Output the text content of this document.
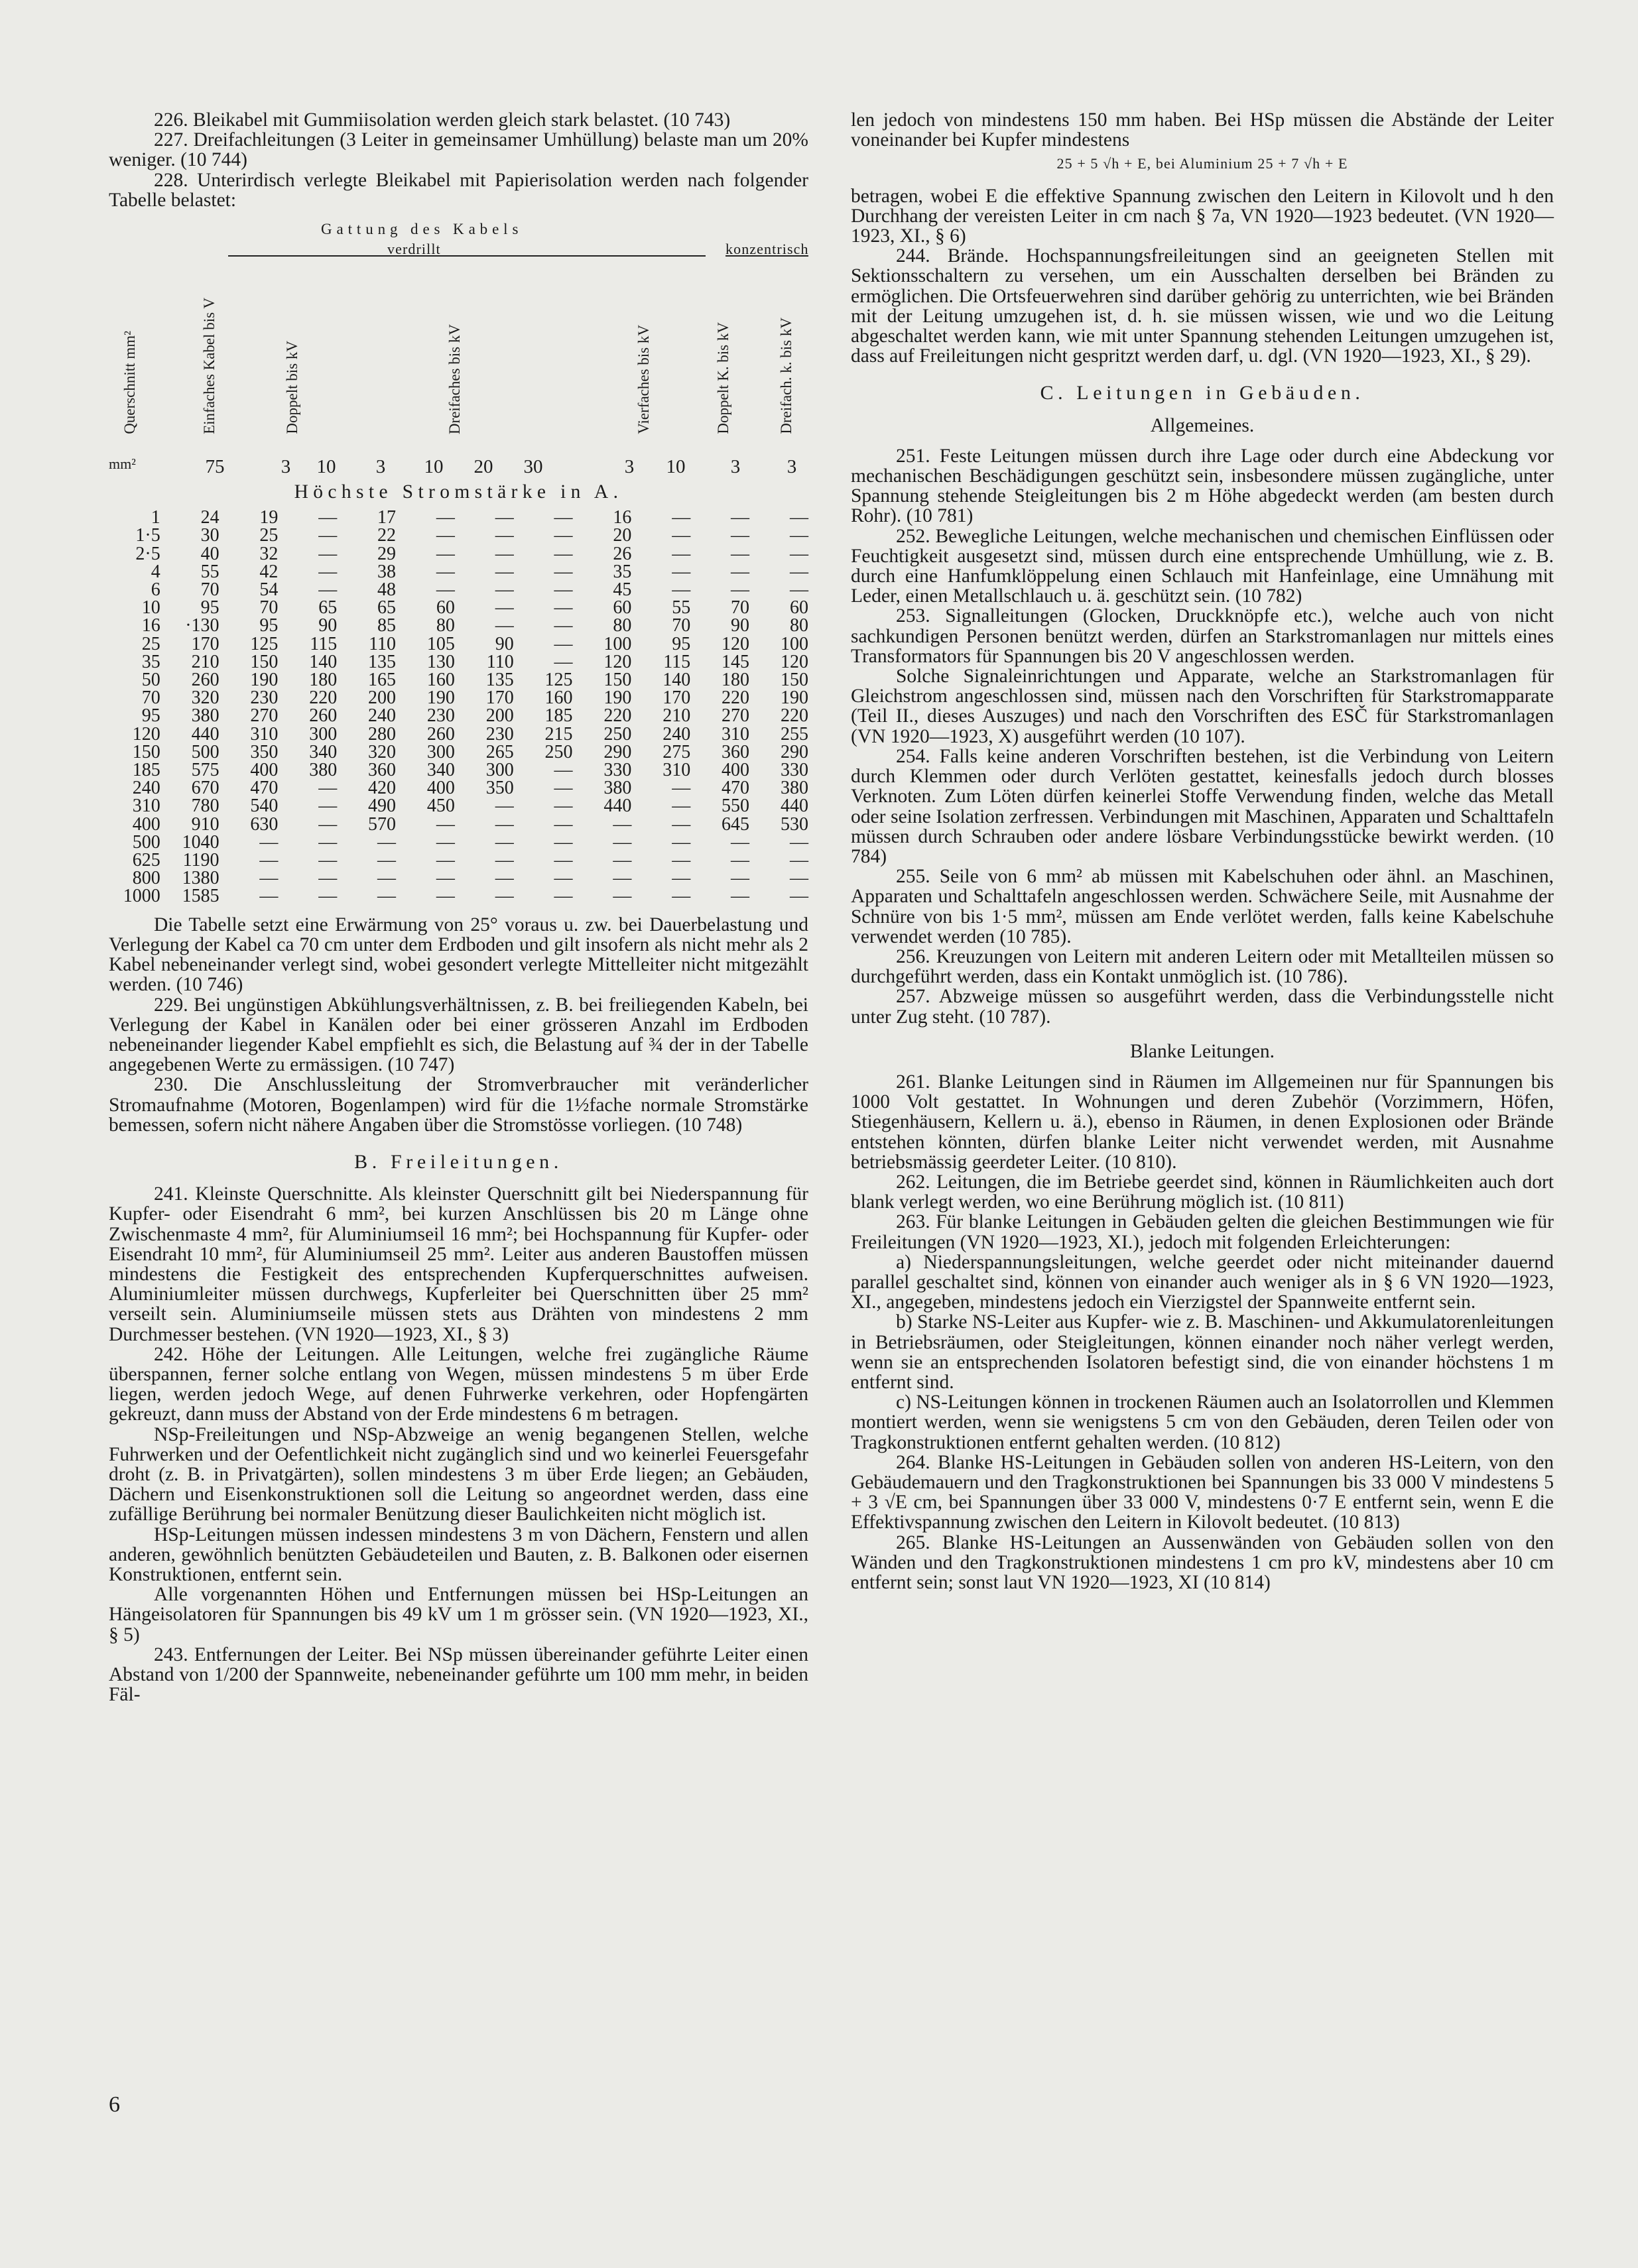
226. Bleikabel mit Gummiisolation werden gleich stark belastet. (10 743)

227. Dreifachleitungen (3 Leiter in gemeinsamer Umhüllung) belaste man um 20% weniger. (10 744)

228. Unterirdisch verlegte Bleikabel mit Papierisolation werden nach folgender Tabelle belastet:

Gattung des Kabels
verdrillt	konzentrisch
Querschnitt mm²	Einfaches Kabel bis V	Doppelt bis kV	Dreifaches bis kV	Vierfaches bis kV	Doppelt K. bis kV	Dreifach. k. bis kV
mm²	75	3	10	3	10 20 30	3	10	3	3
Höchste Stromstärke in A.
1	24	19	—	17	—	—	—	16	—	—	—
1·5	30	25	—	22	—	—	—	20	—	—	—
2·5	40	32	—	29	—	—	—	26	—	—	—
4	55	42	—	38	—	—	—	35	—	—	—
6	70	54	—	48	—	—	—	45	—	—	—
10	95	70	65	65	60	—	—	60	55	70	60
16	·130	95	90	85	80	—	—	80	70	90	80
25	170	125	115	110	105	90	—	100	95	120	100
35	210	150	140	135	130	110	—	120	115	145	120
50	260	190	180	165	160	135	125	150	140	180	150
70	320	230	220	200	190	170	160	190	170	220	190
95	380	270	260	240	230	200	185	220	210	270	220
120	440	310	300	280	260	230	215	250	240	310	255
150	500	350	340	320	300	265	250	290	275	360	290
185	575	400	380	360	340	300	—	330	310	400	330
240	670	470	—	420	400	350	—	380	—	470	380
310	780	540	—	490	450	—	—	440	—	550	440
400	910	630	—	570	—	—	—	—	—	645	530
500	1040	—	—	—	—	—	—	—	—	—	—
625	1190	—	—	—	—	—	—	—	—	—	—
800	1380	—	—	—	—	—	—	—	—	—	—
1000	1585	—	—	—	—	—	—	—	—	—	—

Die Tabelle setzt eine Erwärmung von 25° voraus u. zw. bei Dauerbelastung und Verlegung der Kabel ca 70 cm unter dem Erdboden und gilt insofern als nicht mehr als 2 Kabel nebeneinander verlegt sind, wobei gesondert verlegte Mittelleiter nicht mitgezählt werden. (10 746)

229. Bei ungünstigen Abkühlungsverhältnissen, z. B. bei freiliegenden Kabeln, bei Verlegung der Kabel in Kanälen oder bei einer grösseren Anzahl im Erdboden nebeneinander liegender Kabel empfiehlt es sich, die Belastung auf ¾ der in der Tabelle angegebenen Werte zu ermässigen. (10 747)

230. Die Anschlussleitung der Stromverbraucher mit veränderlicher Stromaufnahme (Motoren, Bogenlampen) wird für die 1½fache normale Stromstärke bemessen, sofern nicht nähere Angaben über die Stromstösse vorliegen. (10 748)

B. Freileitungen.

241. Kleinste Querschnitte. Als kleinster Querschnitt gilt bei Niederspannung für Kupfer- oder Eisendraht 6 mm², bei kurzen Anschlüssen bis 20 m Länge ohne Zwischenmaste 4 mm², für Aluminiumseil 16 mm²; bei Hochspannung für Kupfer- oder Eisendraht 10 mm², für Aluminiumseil 25 mm². Leiter aus anderen Baustoffen müssen mindestens die Festigkeit des entsprechenden Kupferquerschnittes aufweisen. Aluminiumleiter müssen durchwegs, Kupferleiter bei Querschnitten über 25 mm² verseilt sein. Aluminiumseile müssen stets aus Drähten von mindestens 2 mm Durchmesser bestehen. (VN 1920—1923, XI., § 3)

242. Höhe der Leitungen. Alle Leitungen, welche frei zugängliche Räume überspannen, ferner solche entlang von Wegen, müssen mindestens 5 m über Erde liegen, werden jedoch Wege, auf denen Fuhrwerke verkehren, oder Hopfengärten gekreuzt, dann muss der Abstand von der Erde mindestens 6 m betragen.

NSp-Freileitungen und NSp-Abzweige an wenig begangenen Stellen, welche Fuhrwerken und der Oefentlichkeit nicht zugänglich sind und wo keinerlei Feuersgefahr droht (z. B. in Privatgärten), sollen mindestens 3 m über Erde liegen; an Gebäuden, Dächern und Eisenkonstruktionen soll die Leitung so angeordnet werden, dass eine zufällige Berührung bei normaler Benützung dieser Baulichkeiten nicht möglich ist.

HSp-Leitungen müssen indessen mindestens 3 m von Dächern, Fenstern und allen anderen, gewöhnlich benützten Gebäudeteilen und Bauten, z. B. Balkonen oder eisernen Konstruktionen, entfernt sein.

Alle vorgenannten Höhen und Entfernungen müssen bei HSp-Leitungen an Hängeisolatoren für Spannungen bis 49 kV um 1 m grösser sein. (VN 1920—1923, XI., § 5)

243. Entfernungen der Leiter. Bei NSp müssen übereinander geführte Leiter einen Abstand von 1/200 der Spannweite, nebeneinander geführte um 100 mm mehr, in beiden Fäl-

len jedoch von mindestens 150 mm haben. Bei HSp müssen die Abstände der Leiter voneinander bei Kupfer mindestens

25 + 5 √h + E, bei Aluminium 25 + 7 √h + E

betragen, wobei E die effektive Spannung zwischen den Leitern in Kilovolt und h den Durchhang der vereisten Leiter in cm nach § 7a, VN 1920—1923 bedeutet. (VN 1920—1923, XI., § 6)

244. Brände. Hochspannungsfreileitungen sind an geeigneten Stellen mit Sektionsschaltern zu versehen, um ein Ausschalten derselben bei Bränden zu ermöglichen. Die Ortsfeuerwehren sind darüber gehörig zu unterrichten, wie bei Bränden mit der Leitung umzugehen ist, d. h. sie müssen wissen, wie und wo die Leitung abgeschaltet werden kann, wie mit unter Spannung stehenden Leitungen umzugehen ist, dass auf Freileitungen nicht gespritzt werden darf, u. dgl. (VN 1920—1923, XI., § 29).

C. Leitungen in Gebäuden.
Allgemeines.

251. Feste Leitungen müssen durch ihre Lage oder durch eine Abdeckung vor mechanischen Beschädigungen geschützt sein, insbesondere müssen zugängliche, unter Spannung stehende Steigleitungen bis 2 m Höhe abgedeckt werden (am besten durch Rohr). (10 781)

252. Bewegliche Leitungen, welche mechanischen und chemischen Einflüssen oder Feuchtigkeit ausgesetzt sind, müssen durch eine entsprechende Umhüllung, wie z. B. durch eine Hanfumklöppelung einen Schlauch mit Hanfeinlage, eine Umnähung mit Leder, einen Metallschlauch u. ä. geschützt sein. (10 782)

253. Signalleitungen (Glocken, Druckknöpfe etc.), welche auch von nicht sachkundigen Personen benützt werden, dürfen an Starkstromanlagen nur mittels eines Transformators für Spannungen bis 20 V angeschlossen werden.

Solche Signaleinrichtungen und Apparate, welche an Starkstromanlagen für Gleichstrom angeschlossen sind, müssen nach den Vorschriften für Starkstromapparate (Teil II., dieses Auszuges) und nach den Vorschriften des ESČ für Starkstromanlagen (VN 1920—1923, X) ausgeführt werden (10 107).

254. Falls keine anderen Vorschriften bestehen, ist die Verbindung von Leitern durch Klemmen oder durch Verlöten gestattet, keinesfalls jedoch durch blosses Verknoten. Zum Löten dürfen keinerlei Stoffe Verwendung finden, welche das Metall oder seine Isolation zerfressen. Verbindungen mit Maschinen, Apparaten und Schalttafeln müssen durch Schrauben oder andere lösbare Verbindungsstücke bewirkt werden. (10 784)

255. Seile von 6 mm² ab müssen mit Kabelschuhen oder ähnl. an Maschinen, Apparaten und Schalttafeln angeschlossen werden. Schwächere Seile, mit Ausnahme der Schnüre von bis 1·5 mm², müssen am Ende verlötet werden, falls keine Kabelschuhe verwendet werden (10 785).

256. Kreuzungen von Leitern mit anderen Leitern oder mit Metallteilen müssen so durchgeführt werden, dass ein Kontakt unmöglich ist. (10 786).

257. Abzweige müssen so ausgeführt werden, dass die Verbindungsstelle nicht unter Zug steht. (10 787).

Blanke Leitungen.

261. Blanke Leitungen sind in Räumen im Allgemeinen nur für Spannungen bis 1000 Volt gestattet. In Wohnungen und deren Zubehör (Vorzimmern, Höfen, Stiegenhäusern, Kellern u. ä.), ebenso in Räumen, in denen Explosionen oder Brände entstehen könnten, dürfen blanke Leiter nicht verwendet werden, mit Ausnahme betriebsmässig geerdeter Leiter. (10 810).

262. Leitungen, die im Betriebe geerdet sind, können in Räumlichkeiten auch dort blank verlegt werden, wo eine Berührung möglich ist. (10 811)

263. Für blanke Leitungen in Gebäuden gelten die gleichen Bestimmungen wie für Freileitungen (VN 1920—1923, XI.), jedoch mit folgenden Erleichterungen:

a) Niederspannungsleitungen, welche geerdet oder nicht miteinander dauernd parallel geschaltet sind, können von einander auch weniger als in § 6 VN 1920—1923, XI., angegeben, mindestens jedoch ein Vierzigstel der Spannweite entfernt sein.

b) Starke NS-Leiter aus Kupfer- wie z. B. Maschinen- und Akkumulatorenleitungen in Betriebsräumen, oder Steigleitungen, können einander noch näher verlegt werden, wenn sie an entsprechenden Isolatoren befestigt sind, die von einander höchstens 1 m entfernt sind.

c) NS-Leitungen können in trockenen Räumen auch an Isolatorrollen und Klemmen montiert werden, wenn sie wenigstens 5 cm von den Gebäuden, deren Teilen oder von Tragkonstruktionen entfernt gehalten werden. (10 812)

264. Blanke HS-Leitungen in Gebäuden sollen von anderen HS-Leitern, von den Gebäudemauern und den Tragkonstruktionen bei Spannungen bis 33 000 V mindestens 5 + 3 √E cm, bei Spannungen über 33 000 V, mindestens 0·7 E entfernt sein, wenn E die Effektivspannung zwischen den Leitern in Kilovolt bedeutet. (10 813)

265. Blanke HS-Leitungen an Aussenwänden von Gebäuden sollen von den Wänden und den Tragkonstruktionen mindestens 1 cm pro kV, mindestens aber 10 cm entfernt sein; sonst laut VN 1920—1923, XI (10 814)

6
